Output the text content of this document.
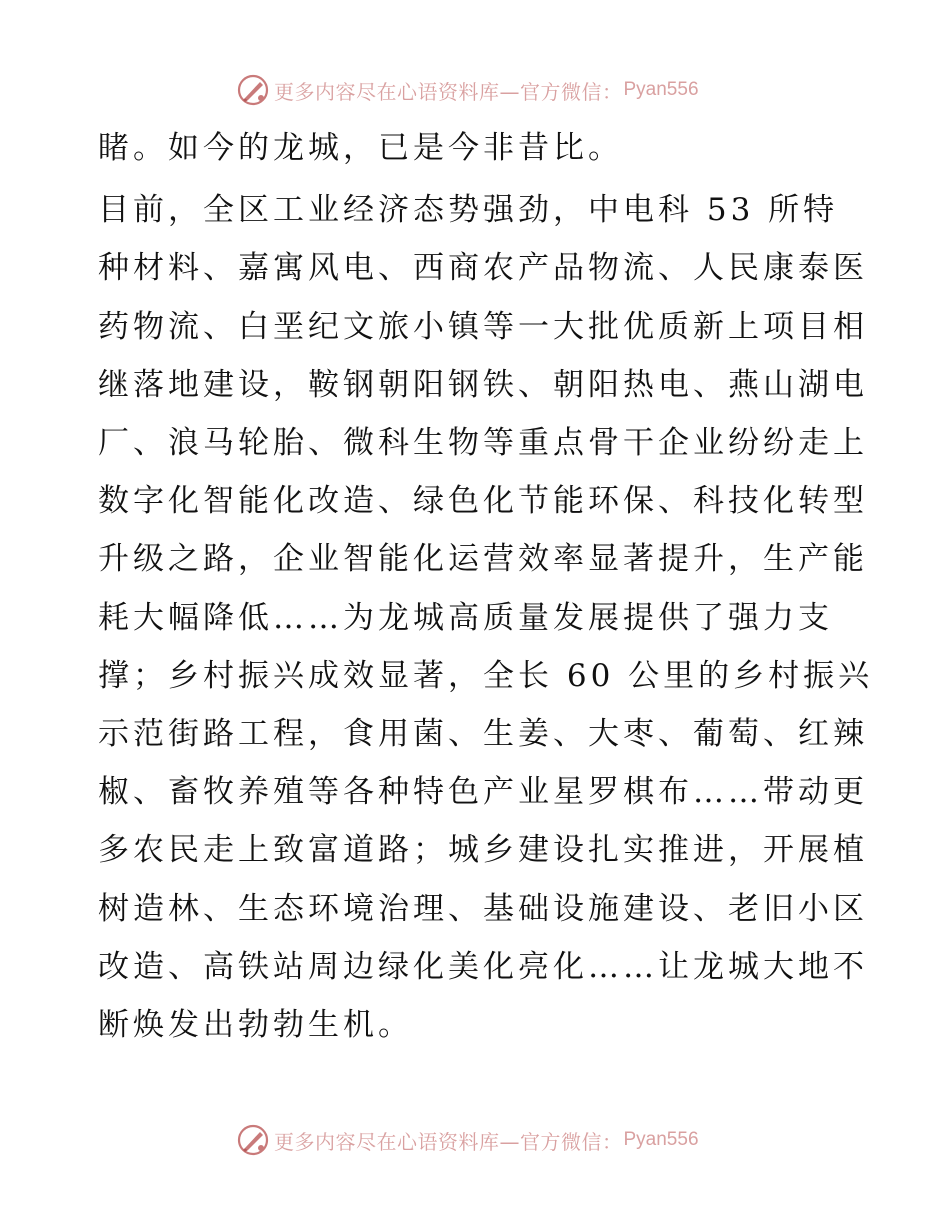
更多内容尽在心语资料库—官方微信： Pyan556

睹。如今的龙城，已是今非昔比。

目前，全区工业经济态势强劲，中电科 53 所特

种材料、嘉寓风电、西商农产品物流、人民康泰医

药物流、白垩纪文旅小镇等一大批优质新上项目相

继落地建设，鞍钢朝阳钢铁、朝阳热电、燕山湖电

厂、浪马轮胎、微科生物等重点骨干企业纷纷走上

数字化智能化改造、绿色化节能环保、科技化转型

升级之路，企业智能化运营效率显著提升，生产能

耗大幅降低……为龙城高质量发展提供了强力支

撑；乡村振兴成效显著，全长 60 公里的乡村振兴

示范街路工程，食用菌、生姜、大枣、葡萄、红辣

椒、畜牧养殖等各种特色产业星罗棋布……带动更

多农民走上致富道路；城乡建设扎实推进，开展植

树造林、生态环境治理、基础设施建设、老旧小区

改造、高铁站周边绿化美化亮化……让龙城大地不

断焕发出勃勃生机。

更多内容尽在心语资料库—官方微信： Pyan556
